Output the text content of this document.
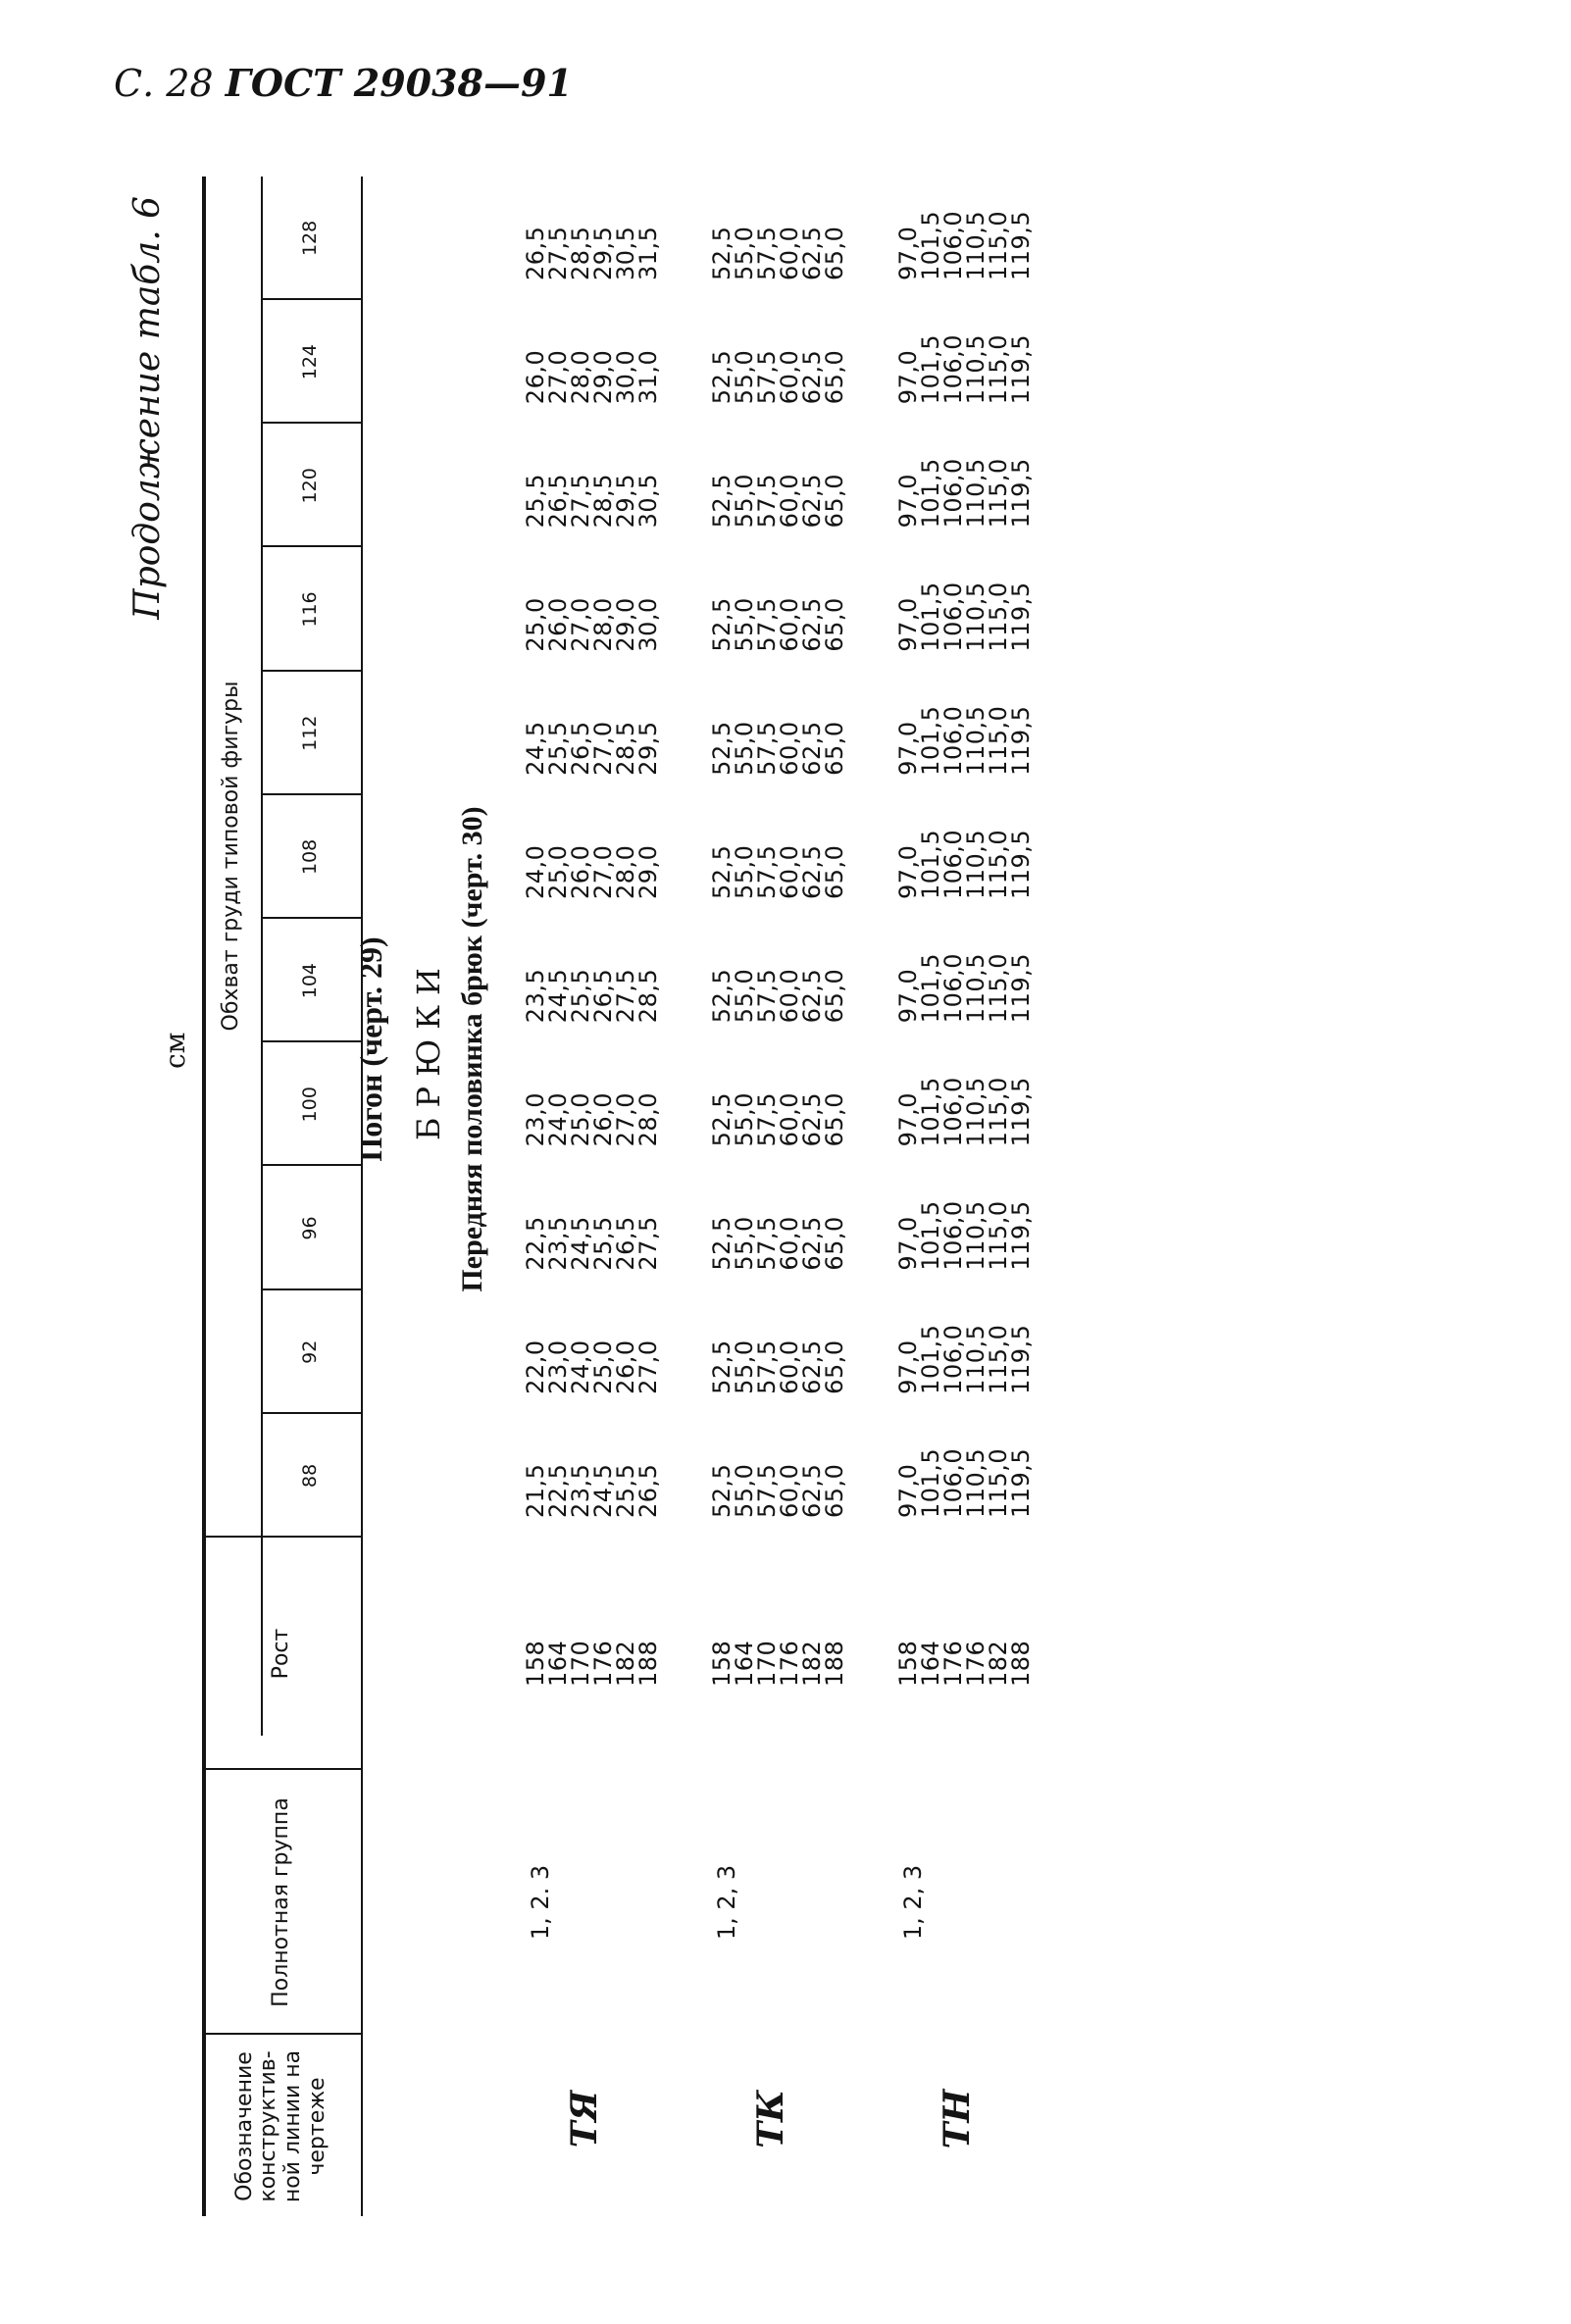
С. 28 ГОСТ 29038—91
Продолжение табл. 6
см
Обозначение конструктив-ной линии на чертеже
Полнотная группа
Рост
Обхват груди типовой фигуры
88
92
96
100
104
108
112
116
120
124
128
Погон (черт. 29) БРЮКИ Передняя половинка брюк (черт. 30)
ТЯ
1, 2. 3
158
164
170
176
182
188
21,5
22,5
23,5
24,5
25,5
26,5
22,0
23,0
24,0
25,0
26,0
27,0
22,5
23,5
24,5
25,5
26,5
27,5
23,0
24,0
25,0
26,0
27,0
28,0
23,5
24,5
25,5
26,5
27,5
28,5
24,0
25,0
26,0
27,0
28,0
29,0
24,5
25,5
26,5
27,0
28,5
29,5
25,0
26,0
27,0
28,0
29,0
30,0
25,5
26,5
27,5
28,5
29,5
30,5
26,0
27,0
28,0
29,0
30,0
31,0
26,5
27,5
28,5
29,5
30,5
31,5
ТК
1, 2, 3
158
164
170
176
182
188
52,5
55,0
57,5
60,0
62,5
65,0
52,5
55,0
57,5
60,0
62,5
65,0
52,5
55,0
57,5
60,0
62,5
65,0
52,5
55,0
57,5
60,0
62,5
65,0
52,5
55,0
57,5
60,0
62,5
65,0
52,5
55,0
57,5
60,0
62,5
65,0
52,5
55,0
57,5
60,0
62,5
65,0
52,5
55,0
57,5
60,0
62,5
65,0
52,5
55,0
57,5
60,0
62,5
65,0
52,5
55,0
57,5
60,0
62,5
65,0
52,5
55,0
57,5
60,0
62,5
65,0
ТН
1, 2, 3
158
164
176
176
182
188
97,0
101,5
106,0
110,5
115,0
119,5
97,0
101,5
106,0
110,5
115,0
119,5
97,0
101,5
106,0
110,5
115,0
119,5
97,0
101,5
106,0
110,5
115,0
119,5
97,0
101,5
106,0
110,5
115,0
119,5
97,0
101,5
106,0
110,5
115,0
119,5
97,0
101,5
106,0
110,5
115,0
119,5
97,0
101,5
106,0
110,5
115,0
119,5
97,0
101,5
106,0
110,5
115,0
119,5
97,0
101,5
106,0
110,5
115,0
119,5
97,0
101,5
106,0
110,5
115,0
119,5
